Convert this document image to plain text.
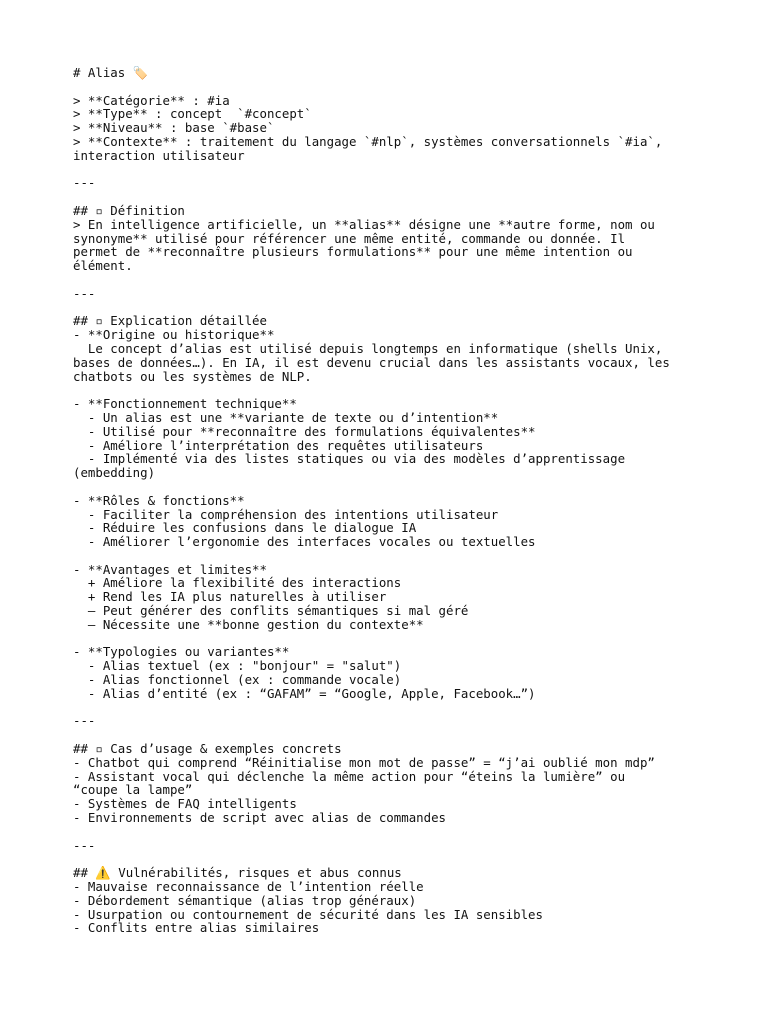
# Alias 🏷️
> **Catégorie** : #ia
> **Type** : concept  `#concept`
> **Niveau** : base `#base`
> **Contexte** : traitement du langage `#nlp`, systèmes conversationnels `#ia`,
interaction utilisateur
---
## ▫ Définition
> En intelligence artificielle, un **alias** désigne une **autre forme, nom ou
synonyme** utilisé pour référencer une même entité, commande ou donnée. Il
permet de **reconnaître plusieurs formulations** pour une même intention ou
élément.
---
## ▫ Explication détaillée
- **Origine ou historique**
Le concept d’alias est utilisé depuis longtemps en informatique (shells Unix,
bases de données…). En IA, il est devenu crucial dans les assistants vocaux, les
chatbots ou les systèmes de NLP.
- **Fonctionnement technique**
- Un alias est une **variante de texte ou d’intention**
- Utilisé pour **reconnaître des formulations équivalentes**
- Améliore l’interprétation des requêtes utilisateurs
- Implémenté via des listes statiques ou via des modèles d’apprentissage
(embedding)
- **Rôles & fonctions**
- Faciliter la compréhension des intentions utilisateur
- Réduire les confusions dans le dialogue IA
- Améliorer l’ergonomie des interfaces vocales ou textuelles
- **Avantages et limites**
+ Améliore la flexibilité des interactions
+ Rend les IA plus naturelles à utiliser
– Peut générer des conflits sémantiques si mal géré
– Nécessite une **bonne gestion du contexte**
- **Typologies ou variantes**
- Alias textuel (ex : "bonjour" = "salut")
- Alias fonctionnel (ex : commande vocale)
- Alias d’entité (ex : “GAFAM” = “Google, Apple, Facebook…”)
---
## ▫ Cas d’usage & exemples concrets
- Chatbot qui comprend “Réinitialise mon mot de passe” = “j’ai oublié mon mdp”
- Assistant vocal qui déclenche la même action pour “éteins la lumière” ou
“coupe la lampe”
- Systèmes de FAQ intelligents
- Environnements de script avec alias de commandes
---
## ⚠️ Vulnérabilités, risques et abus connus
- Mauvaise reconnaissance de l’intention réelle
- Débordement sémantique (alias trop généraux)
- Usurpation ou contournement de sécurité dans les IA sensibles
- Conflits entre alias similaires
